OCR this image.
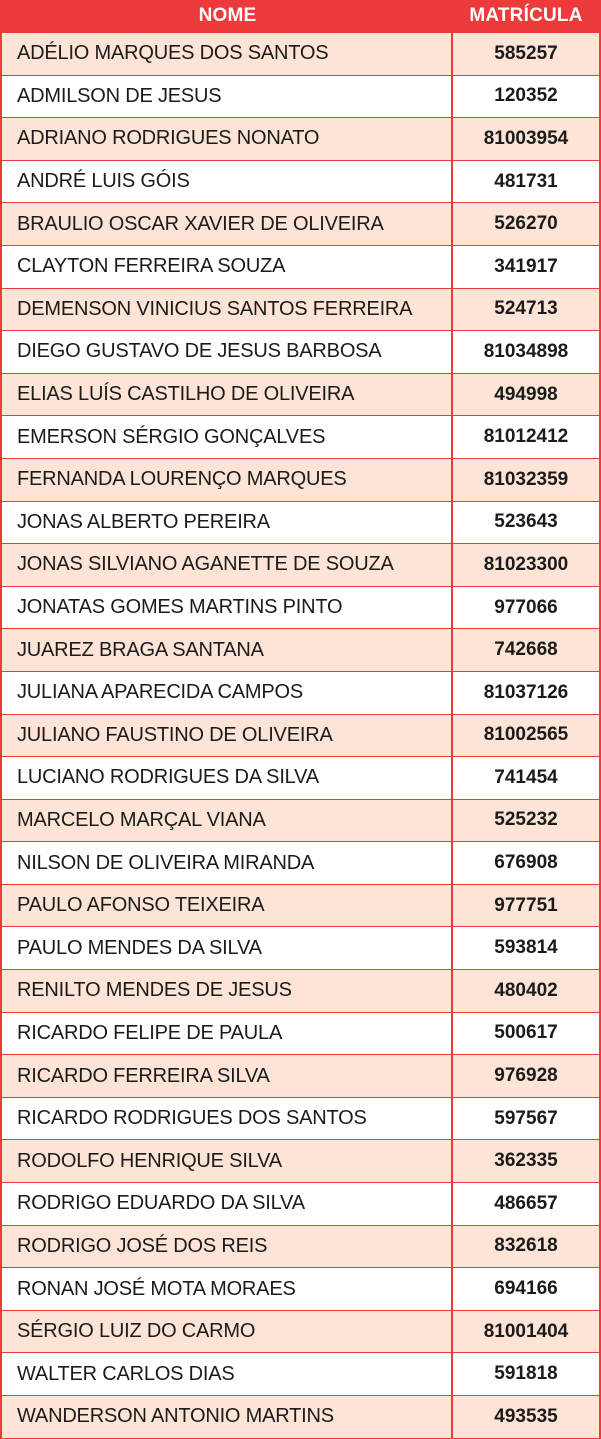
NOME	MATRÍCULA
ADÉLIO MARQUES DOS SANTOS	585257
ADMILSON DE JESUS	120352
ADRIANO RODRIGUES NONATO	81003954
ANDRÉ LUIS GÓIS	481731
BRAULIO OSCAR XAVIER DE OLIVEIRA	526270
CLAYTON FERREIRA SOUZA	341917
DEMENSON VINICIUS SANTOS FERREIRA	524713
DIEGO GUSTAVO DE JESUS BARBOSA	81034898
ELIAS LUÍS CASTILHO DE OLIVEIRA	494998
EMERSON SÉRGIO GONÇALVES	81012412
FERNANDA LOURENÇO MARQUES	81032359
JONAS ALBERTO PEREIRA	523643
JONAS SILVIANO AGANETTE DE SOUZA	81023300
JONATAS GOMES MARTINS PINTO	977066
JUAREZ BRAGA SANTANA	742668
JULIANA APARECIDA CAMPOS	81037126
JULIANO FAUSTINO DE OLIVEIRA	81002565
LUCIANO RODRIGUES DA SILVA	741454
MARCELO MARÇAL VIANA	525232
NILSON DE OLIVEIRA MIRANDA	676908
PAULO AFONSO TEIXEIRA	977751
PAULO MENDES DA SILVA	593814
RENILTO MENDES DE JESUS	480402
RICARDO FELIPE DE PAULA	500617
RICARDO FERREIRA SILVA	976928
RICARDO RODRIGUES DOS SANTOS	597567
RODOLFO HENRIQUE SILVA	362335
RODRIGO EDUARDO DA SILVA	486657
RODRIGO JOSÉ DOS REIS	832618
RONAN JOSÉ MOTA MORAES	694166
SÉRGIO LUIZ DO CARMO	81001404
WALTER CARLOS DIAS	591818
WANDERSON ANTONIO MARTINS	493535
